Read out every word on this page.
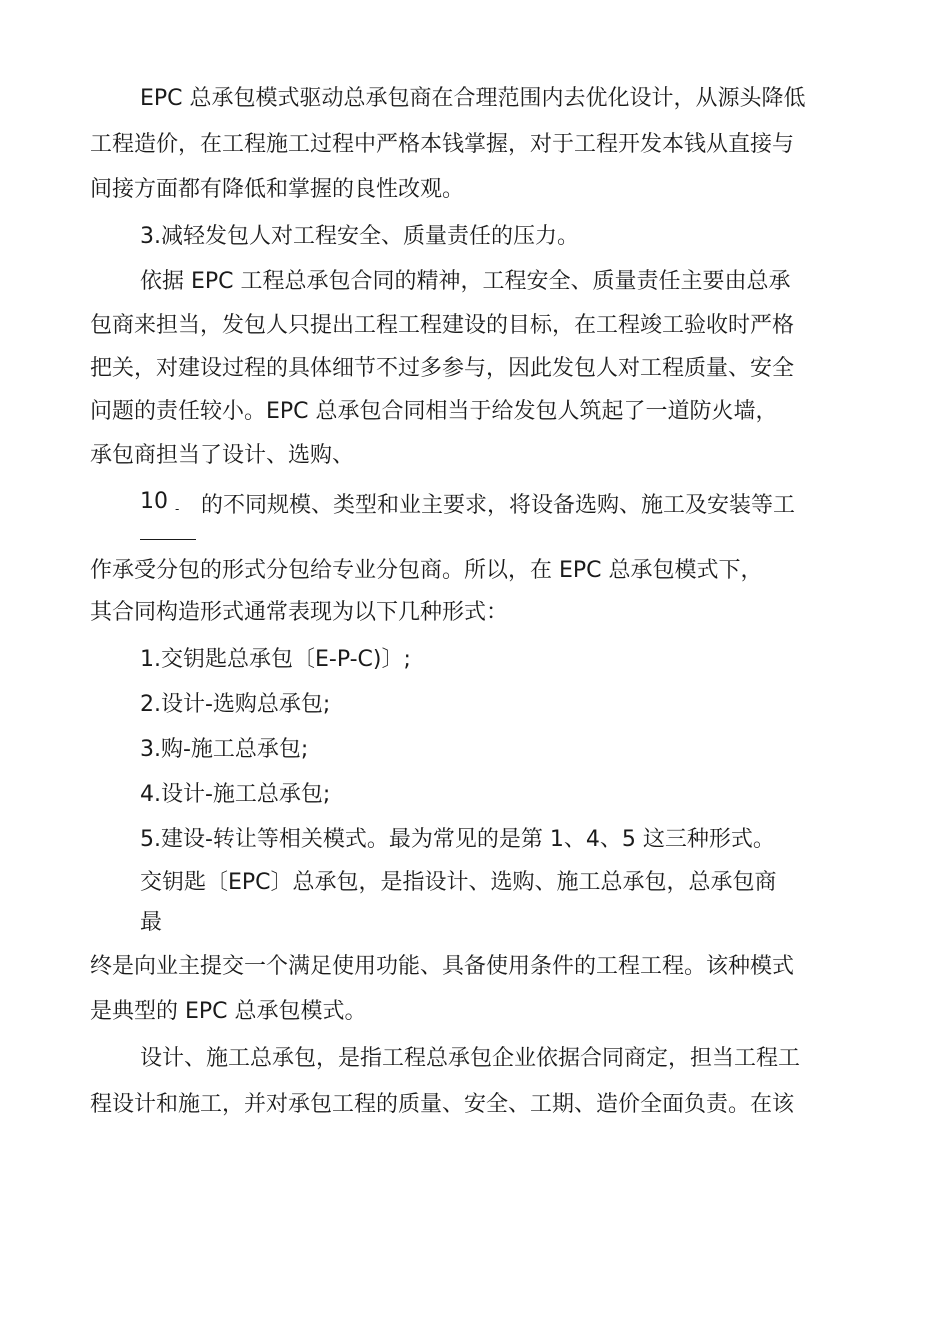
EPC 总承包模式驱动总承包商在合理范围内去优化设计，从源头降低
工程造价，在工程施工过程中严格本钱掌握，对于工程开发本钱从直接与
间接方面都有降低和掌握的良性改观。
3.减轻发包人对工程安全、质量责任的压力。
依据 EPC 工程总承包合同的精神，工程安全、质量责任主要由总承
包商来担当，发包人只提出工程工程建设的目标，在工程竣工验收时严格
把关，对建设过程的具体细节不过多参与，因此发包人对工程质量、安全
问题的责任较小。EPC 总承包合同相当于给发包人筑起了一道防火墙，
承包商担当了设计、选购、
10 - 的不同规模、类型和业主要求，将设备选购、施工及安装等工
作承受分包的形式分包给专业分包商。所以，在 EPC 总承包模式下，
其合同构造形式通常表现为以下几种形式：
1.交钥匙总承包〔E-P-C)〕;
2.设计-选购总承包;
3.购-施工总承包;
4.设计-施工总承包;
5.建设-转让等相关模式。最为常见的是第 1、4、5 这三种形式。
交钥匙〔EPC〕总承包，是指设计、选购、施工总承包，总承包商
最
终是向业主提交一个满足使用功能、具备使用条件的工程工程。该种模式
是典型的 EPC 总承包模式。
设计、施工总承包，是指工程总承包企业依据合同商定，担当工程工
程设计和施工，并对承包工程的质量、安全、工期、造价全面负责。在该
